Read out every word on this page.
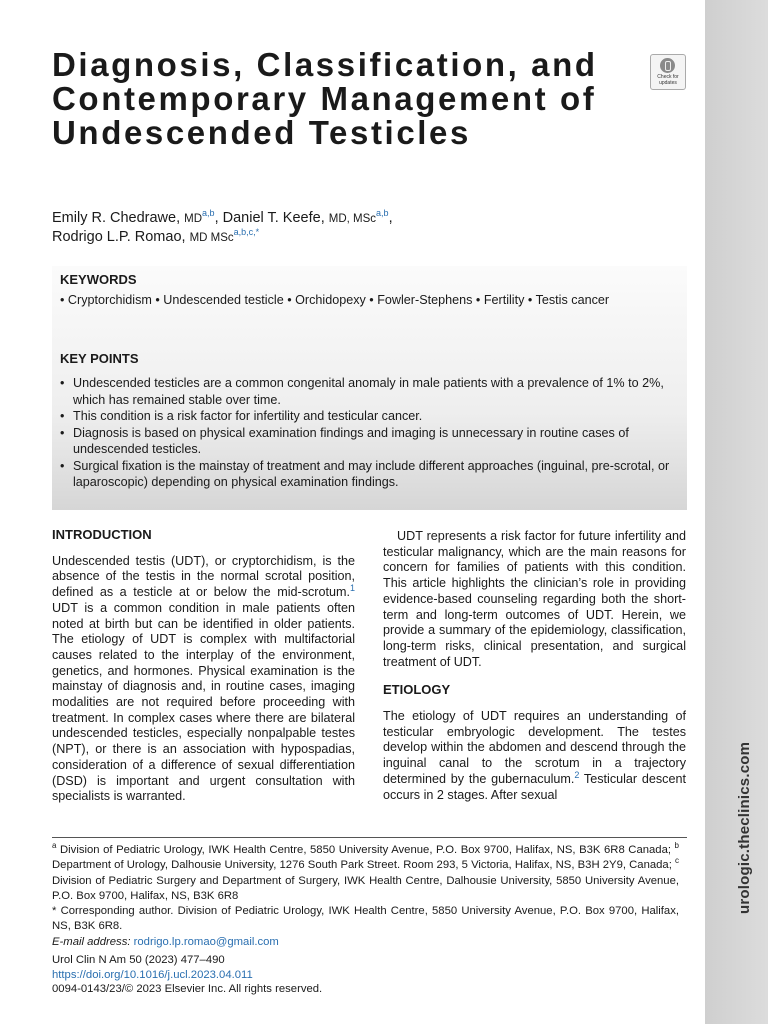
urologic.theclinics.com
Diagnosis, Classification, and Contemporary Management of Undescended Testicles
Check for
updates
Emily R. Chedrawe, MD$^{a,b}$, Daniel T. Keefe, MD, MSc$^{a,b}$,
Rodrigo L.P. Romao, MD MSc$^{a,b,c,*}$
KEYWORDS
• Cryptorchidism • Undescended testicle • Orchidopexy • Fowler-Stephens • Fertility • Testis cancer
KEY POINTS
• Undescended testicles are a common congenital anomaly in male patients with a prevalence of 1% to 2%, which has remained stable over time.
• This condition is a risk factor for infertility and testicular cancer.
• Diagnosis is based on physical examination findings and imaging is unnecessary in routine cases of undescended testicles.
• Surgical fixation is the mainstay of treatment and may include different approaches (inguinal, pre-scrotal, or laparoscopic) depending on physical examination findings.
INTRODUCTION

Undescended testis (UDT), or cryptorchidism, is the absence of the testis in the normal scrotal position, defined as a testicle at or below the mid-scrotum.$^1$ UDT is a common condition in male patients often noted at birth but can be identified in older patients. The etiology of UDT is complex with multifactorial causes related to the interplay of the environment, genetics, and hormones. Physical examination is the mainstay of diagnosis and, in routine cases, imaging modalities are not required before proceeding with treatment. In complex cases where there are bilateral undescended testicles, especially nonpalpable testes (NPT), or there is an association with hypospadias, consideration of a difference of sexual differentiation (DSD) is important and urgent consultation with specialists is warranted.

UDT represents a risk factor for future infertility and testicular malignancy, which are the main reasons for concern for families of patients with this condition. This article highlights the clinician’s role in providing evidence-based counseling regarding both the short-term and long-term outcomes of UDT. Herein, we provide a summary of the epidemiology, classification, long-term risks, clinical presentation, and surgical treatment of UDT.

ETIOLOGY

The etiology of UDT requires an understanding of testicular embryologic development. The testes develop within the abdomen and descend through the inguinal canal to the scrotum in a trajectory determined by the gubernaculum.$^2$ Testicular descent occurs in 2 stages. After sexual

$^a$ Division of Pediatric Urology, IWK Health Centre, 5850 University Avenue, P.O. Box 9700, Halifax, NS, B3K 6R8 Canada; $^b$ Department of Urology, Dalhousie University, 1276 South Park Street. Room 293, 5 Victoria, Halifax, NS, B3H 2Y9, Canada; $^c$ Division of Pediatric Surgery and Department of Surgery, IWK Health Centre, Dalhousie University, 5850 University Avenue, P.O. Box 9700, Halifax, NS, B3K 6R8

* Corresponding author. Division of Pediatric Urology, IWK Health Centre, 5850 University Avenue, P.O. Box 9700, Halifax, NS, B3K 6R8.

E-mail address: rodrigo.lp.romao@gmail.com

Urol Clin N Am 50 (2023) 477–490

https://doi.org/10.1016/j.ucl.2023.04.011

0094-0143/23/© 2023 Elsevier Inc. All rights reserved.
